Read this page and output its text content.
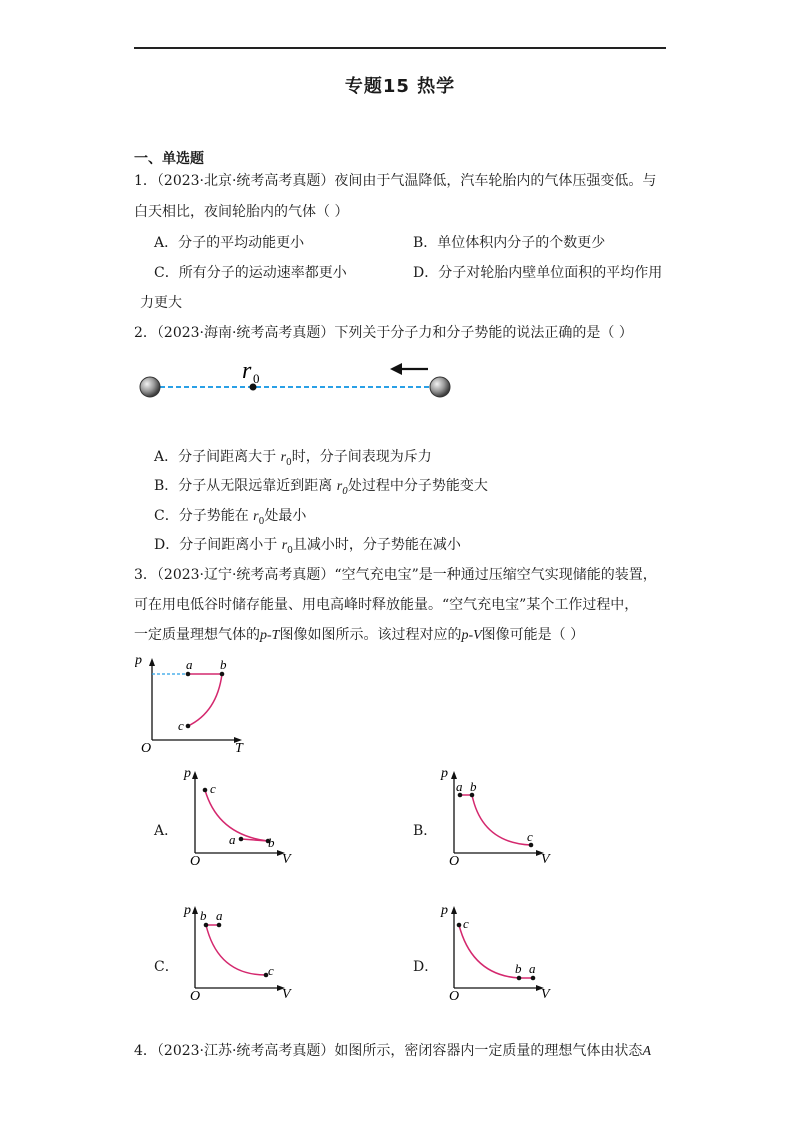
专题15 热学
一、单选题
1．（2023·北京·统考高考真题）夜间由于气温降低，汽车轮胎内的气体压强变低。与
白天相比，夜间轮胎内的气体（ ）
A．分子的平均动能更小	B．单位体积内分子的个数更少
C．所有分子的运动速率都更小	D．分子对轮胎内壁单位面积的平均作用
力更大
2．（2023·海南·统考高考真题）下列关于分子力和分子势能的说法正确的是（ ）
r 0
A．分子间距离大于 $r_0$时，分子间表现为斥力
B．分子从无限远靠近到距离 $r_0$处过程中分子势能变大
C．分子势能在 $r_0$处最小
D．分子间距离小于 $r_0$且减小时，分子势能在减小
3．（2023·辽宁·统考高考真题）“空气充电宝”是一种通过压缩空气实现储能的装置，
可在用电低谷时储存能量、用电高峰时释放能量。“空气充电宝”某个工作过程中，
一定质量理想气体的p-T图像如图所示。该过程对应的p-V图像可能是（ ）
p
T
O
a b
c
A．
p
V
O
c
a	b
B．
p
V
O
a b
c
C．
p
V
O
b a
c	D．
p
V
O
c
b a
4．（2023·江苏·统考高考真题）如图所示，密闭容器内一定质量的理想气体由状态A
